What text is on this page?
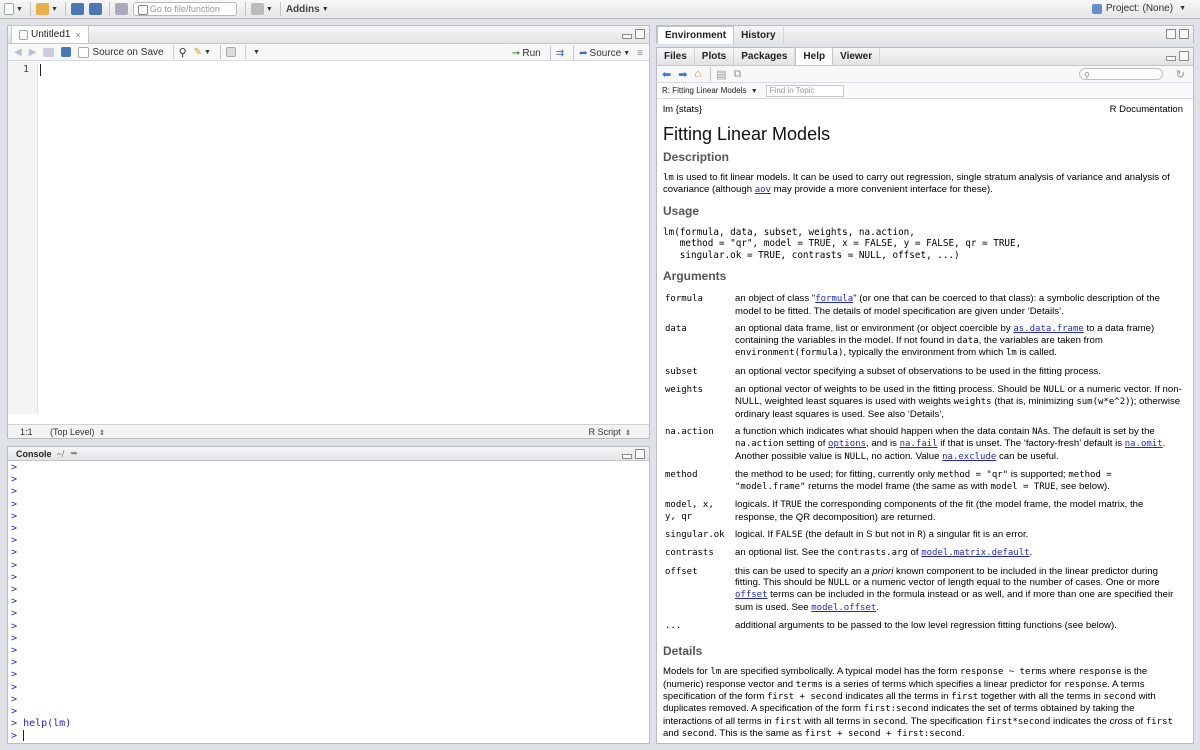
▼	▼	Go to file/function	▼ Addins ▼	Project: (None) ▼
Untitled1 ×
◀ ▶	Source on Save ⚲ ✎ ▼	▼	➙ Run ⇉ ➦ Source ▼ ≡
1
1:1	(Top Level) ⇕	R Script ⇕
Console ~/ ➥
>
>
>
>
>
>
>
>
>
>
>
>
>
>
>
>
>
>
>
>
>
> help(lm)
>
Environment History
Files Plots Packages Help Viewer
⬅ ➡ ⌂ ▤ ⧉	⚲	↻
R: Fitting Linear Models ▼	Find in Topic
lm {stats}	R Documentation
Fitting Linear Models
Description

lm is used to fit linear models. It can be used to carry out regression, single stratum analysis of variance and analysis of covariance (although aov may provide a more convenient interface for these).

Usage
lm(formula, data, subset, weights, na.action,
method = "qr", model = TRUE, x = FALSE, y = FALSE, qr = TRUE,
singular.ok = TRUE, contrasts = NULL, offset, ...)
Arguments
formula	an object of class "formula" (or one that can be coerced to that class): a symbolic description of the model to be fitted. The details of model specification are given under ‘Details’.
data	an optional data frame, list or environment (or object coercible by as.data.frame to a data frame) containing the variables in the model. If not found in data, the variables are taken from environment(formula), typically the environment from which lm is called.
subset	an optional vector specifying a subset of observations to be used in the fitting process.
weights	an optional vector of weights to be used in the fitting process. Should be NULL or a numeric vector. If non-NULL, weighted least squares is used with weights weights (that is, minimizing sum(w*e^2)); otherwise ordinary least squares is used. See also ‘Details’,
na.action	a function which indicates what should happen when the data contain NAs. The default is set by the na.action setting of options, and is na.fail if that is unset. The ‘factory-fresh’ default is na.omit. Another possible value is NULL, no action. Value na.exclude can be useful.
method	the method to be used; for fitting, currently only method = "qr" is supported; method = "model.frame" returns the model frame (the same as with model = TRUE, see below).
model, x,
y, qr	logicals. If TRUE the corresponding components of the fit (the model frame, the model matrix, the response, the QR decomposition) are returned.
singular.ok	logical. If FALSE (the default in S but not in R) a singular fit is an error.
contrasts	an optional list. See the contrasts.arg of model.matrix.default.
offset	this can be used to specify an a priori known component to be included in the linear predictor during fitting. This should be NULL or a numeric vector of length equal to the number of cases. One or more offset terms can be included in the formula instead or as well, and if more than one are specified their sum is used. See model.offset.
...	additional arguments to be passed to the low level regression fitting functions (see below).
Details

Models for lm are specified symbolically. A typical model has the form response ~ terms where response is the (numeric) response vector and terms is a series of terms which specifies a linear predictor for response. A terms specification of the form first + second indicates all the terms in first together with all the terms in second with duplicates removed. A specification of the form first:second indicates the set of terms obtained by taking the interactions of all terms in first with all terms in second. The specification first*second indicates the cross of first and second. This is the same as first + second + first:second.
